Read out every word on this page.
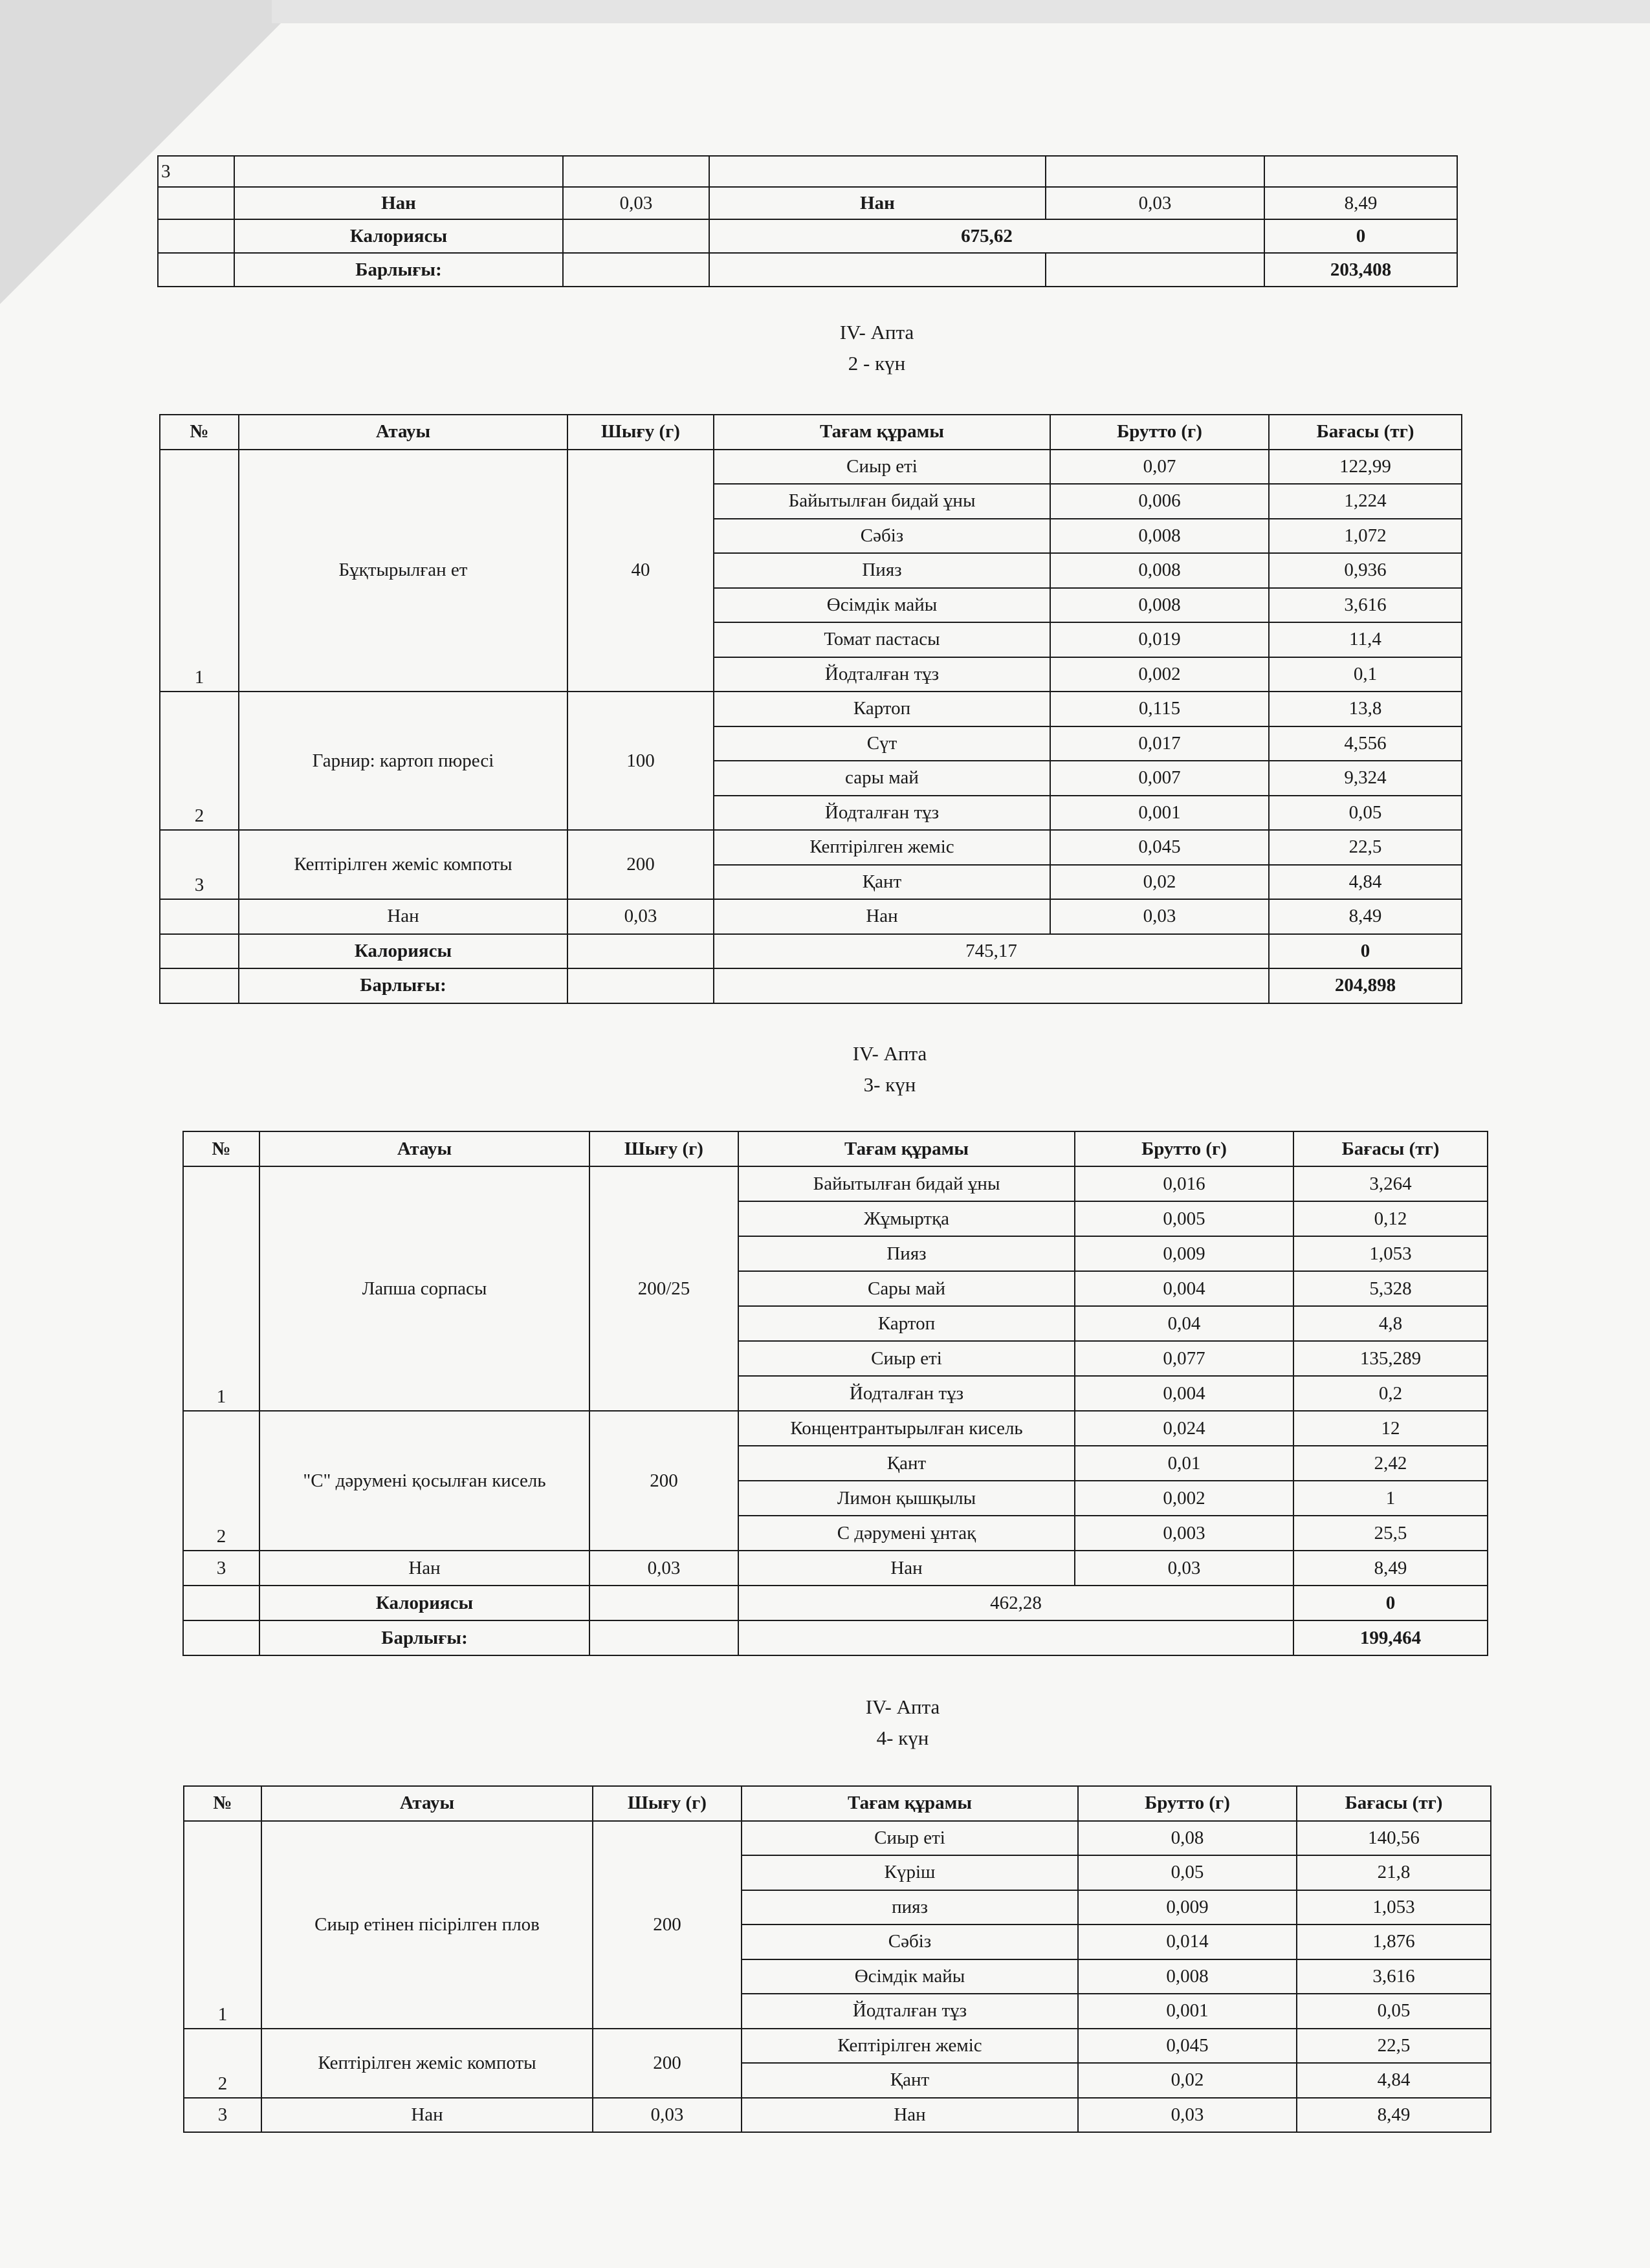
3					
	Нан	0,03	Нан	0,03	8,49
	Калориясы		675,62		0
	Барлығы:				203,408
IV- Апта
2 - күн
IV- Апта
3- күн
IV- Апта
4- күн
№	Атауы	Шығу (г)	Тағам құрамы	Брутто (г)	Бағасы (тг)
1	Бұқтырылған ет	40	Сиыр еті	0,07	122,99
			Байытылған бидай ұны	0,006	1,224
			Сәбіз	0,008	1,072
			Пияз	0,008	0,936
			Өсімдік майы	0,008	3,616
			Томат пастасы	0,019	11,4
			Йодталған тұз	0,002	0,1
2	Гарнир: картоп пюресі	100	Картоп	0,115	13,8
			Сүт	0,017	4,556
			сары май	0,007	9,324
			Йодталған тұз	0,001	0,05
3	Кептірілген жеміс компоты	200	Кептірілген жеміс	0,045	22,5
			Қант	0,02	4,84
	Нан	0,03	Нан	0,03	8,49
	Калориясы		745,17		0
	Барлығы:				204,898
№	Атауы	Шығу (г)	Тағам құрамы	Брутто (г)	Бағасы (тг)
1	Лапша сорпасы	200/25	Байытылған бидай ұны	0,016	3,264
			Жұмыртқа	0,005	0,12
			Пияз	0,009	1,053
			Сары май	0,004	5,328
			Картоп	0,04	4,8
			Сиыр еті	0,077	135,289
			Йодталған тұз	0,004	0,2
2	"С" дәрумені қосылған кисель	200	Концентрантырылған кисель	0,024	12
			Қант	0,01	2,42
			Лимон қышқылы	0,002	1
			С дәрумені ұнтақ	0,003	25,5
3	Нан	0,03	Нан	0,03	8,49
	Калориясы		462,28		0
	Барлығы:				199,464
№	Атауы	Шығу (г)	Тағам құрамы	Брутто (г)	Бағасы (тг)
1	Сиыр етінен пісірілген плов	200	Сиыр еті	0,08	140,56
			Күріш	0,05	21,8
			пияз	0,009	1,053
			Сәбіз	0,014	1,876
			Өсімдік майы	0,008	3,616
			Йодталған тұз	0,001	0,05
2	Кептірілген жеміс компоты	200	Кептірілген жеміс	0,045	22,5
			Қант	0,02	4,84
3	Нан	0,03	Нан	0,03	8,49
